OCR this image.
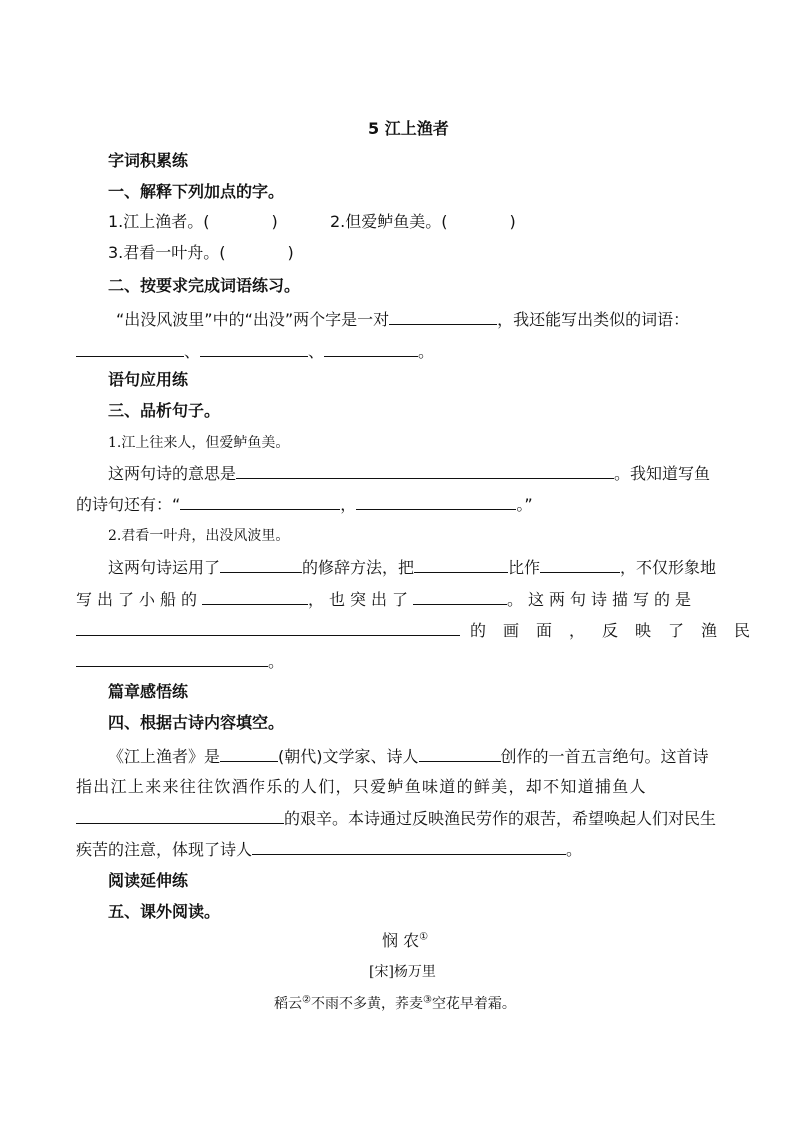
5 江上渔者
字词积累练
一、解释下列加点的字。
1.江上渔者。(	)	2.但爱鲈鱼美。(	)
3.君看一叶舟。(	)
二、按要求完成词语练习。
“出没风波里”中的“出没”两个字是一对	，我还能写出类似的词语：
、	、	。
语句应用练
三、品析句子。
1.江上往来人，但爱鲈鱼美。
这两句诗的意思是	。我知道写鱼
的诗句还有：“	，	。”
2.君看一叶舟，出没风波里。
这两句诗运用了	的修辞方法，把	比作	，不仅形象地
写出了小船的	，也突出了	。这两句诗描写的是
的画面，反映了渔民
。
篇章感悟练
四、根据古诗内容填空。
《江上渔者》是	(朝代)文学家、诗人	创作的一首五言绝句。这首诗
指出江上来来往往饮酒作乐的人们，只爱鲈鱼味道的鲜美，却不知道捕鱼人
的艰辛。本诗通过反映渔民劳作的艰苦，希望唤起人们对民生
疾苦的注意，体现了诗人	。
阅读延伸练
五、课外阅读。
悯 农①
[宋]杨万里
稻云②不雨不多黄，荞麦③空花早着霜。
